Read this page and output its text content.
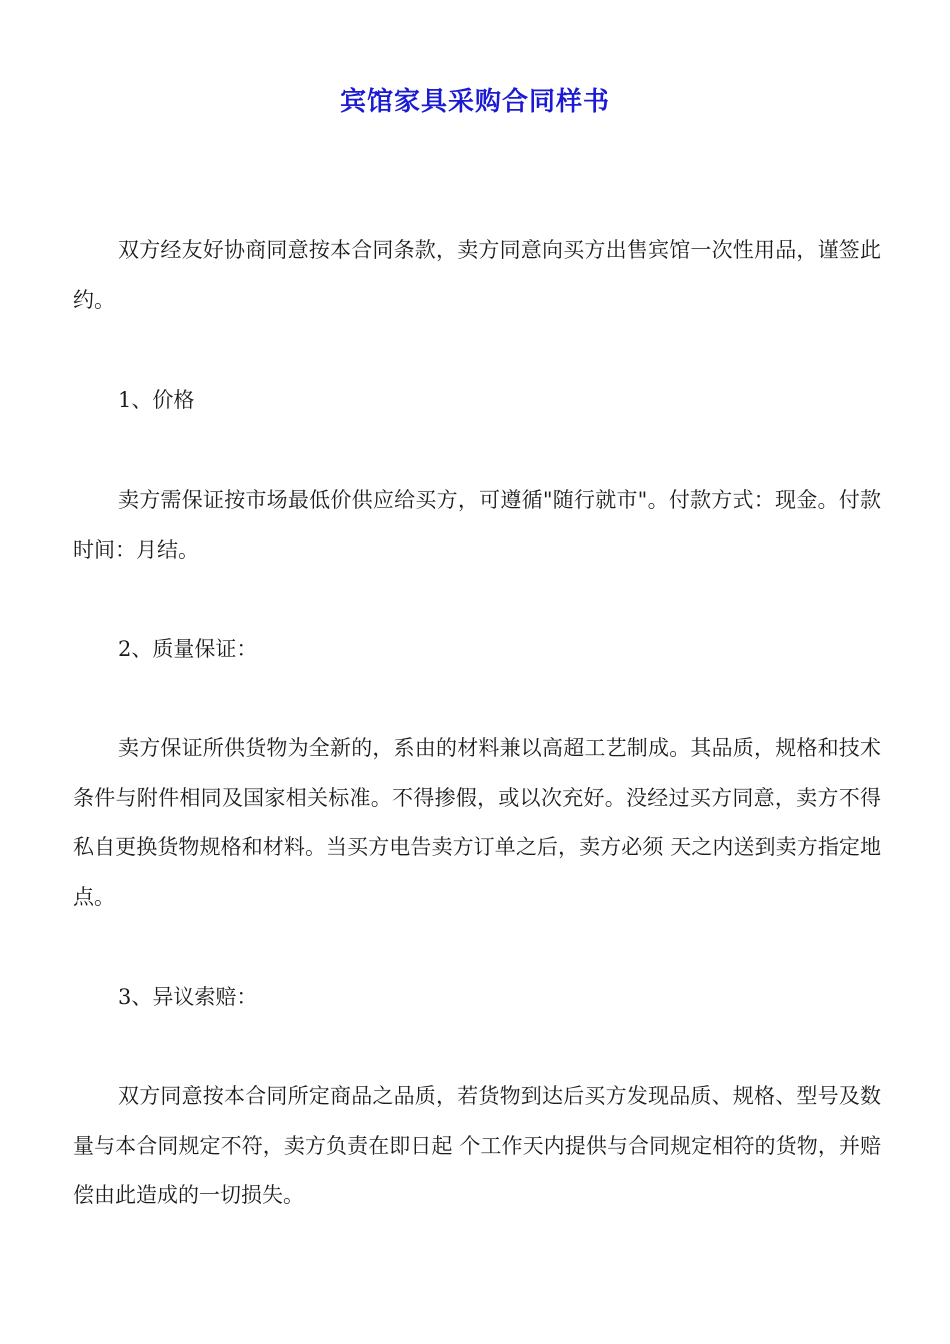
宾馆家具采购合同样书

双方经友好协商同意按本合同条款，卖方同意向买方出售宾馆一次性用品，谨签此约。

1、价格

卖方需保证按市场最低价供应给买方，可遵循"随行就市"。付款方式：现金。付款时间：月结。

2、质量保证：

卖方保证所供货物为全新的，系由的材料兼以高超工艺制成。其品质，规格和技术条件与附件相同及国家相关标准。不得掺假，或以次充好。没经过买方同意，卖方不得私自更换货物规格和材料。当买方电告卖方订单之后，卖方必须 天之内送到卖方指定地点。

3、异议索赔：

双方同意按本合同所定商品之品质，若货物到达后买方发现品质、规格、型号及数量与本合同规定不符，卖方负责在即日起 个工作天内提供与合同规定相符的货物，并赔偿由此造成的一切损失。
